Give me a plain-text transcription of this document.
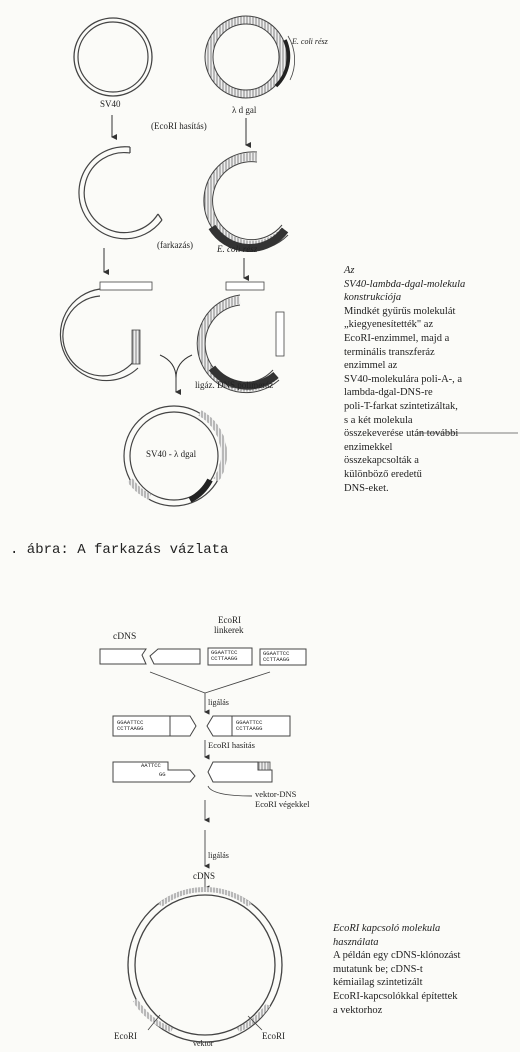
SV40
λ d gal
E. coli rész
(EcoRI hasítás)
(farkazás)	E. coli rész
ligáz. DNS polimeráz
SV40 - λ dgal
Az
SV40-lambda-dgal-molekula
konstrukciója
Mindkét gyűrűs molekulát
„kiegyenesítették" az
EcoRI-enzimmel, majd a
terminális transzferáz
enzimmel az
SV40-molekulára poli-A-, a
lambda-dgal-DNS-re
poli-T-farkat szintetizáltak,
s a két molekula
összekeverése után további
enzimekkel
összekapcsolták a
különböző eredetű
DNS-eket.
. ábra: A farkazás vázlata
cDNS
EcoRI
linkerek
GGAATTCC
CCTTAAGG
GGAATTCC
CCTTAAGG
ligálás
GGAATTCC
CCTTAAGG
GGAATTCC
CCTTAAGG
EcoRI hasítás
AATTCC
GG
vektor-DNS
EcoRI végekkel
ligálás
cDNS
EcoRI	EcoRI
vektor
EcoRI kapcsoló molekula
használata
A példán egy cDNS-klónozást
mutatunk be; cDNS-t
kémiailag szintetizált
EcoRI-kapcsolókkal építettek
a vektorhoz
